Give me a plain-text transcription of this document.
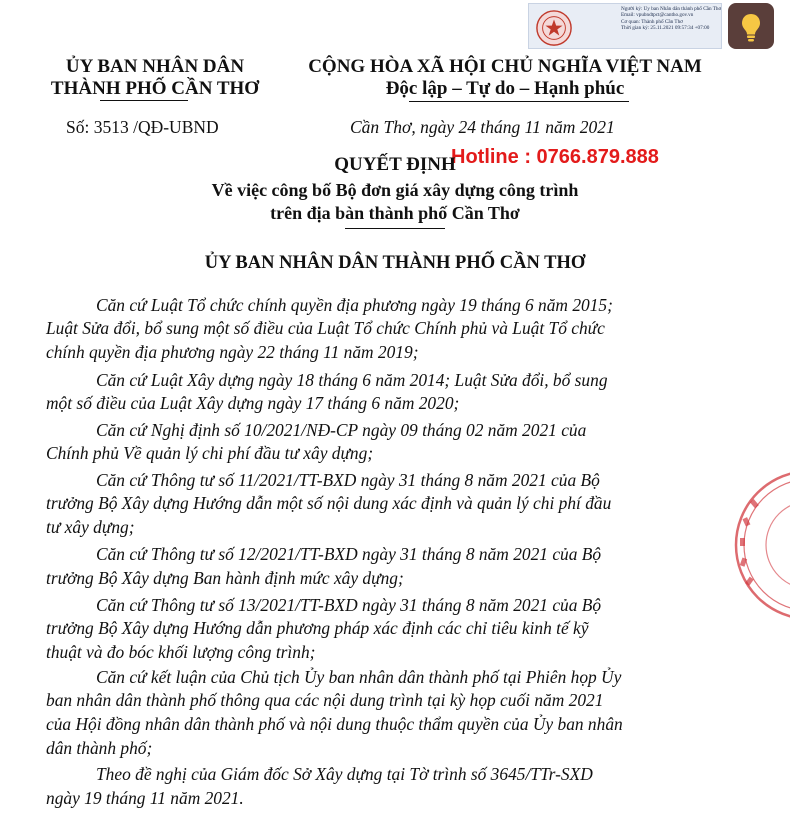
Người ký: Ủy ban Nhân dân thành phố Cần Thơ
Email: vpubndtpct@cantho.gov.vn
Cơ quan: Thành phố Cần Thơ
Thời gian ký: 25.11.2021 09:57:34 +07:00
ỦY BAN NHÂN DÂN
THÀNH PHỐ CẦN THƠ
CỘNG HÒA XÃ HỘI CHỦ NGHĨA VIỆT NAM
Độc lập – Tự do – Hạnh phúc
Số: 3513 /QĐ-UBND	Cần Thơ, ngày 24 tháng 11 năm 2021
Hotline : 0766.879.888
QUYẾT ĐỊNH
Về việc công bố Bộ đơn giá xây dựng công trình
trên địa bàn thành phố Cần Thơ
ỦY BAN NHÂN DÂN THÀNH PHỐ CẦN THƠ
Căn cứ Luật Tổ chức chính quyền địa phương ngày 19 tháng 6 năm 2015;
Luật Sửa đổi, bổ sung một số điều của Luật Tổ chức Chính phủ và Luật Tổ chức
chính quyền địa phương ngày 22 tháng 11 năm 2019;
Căn cứ Luật Xây dựng ngày 18 tháng 6 năm 2014; Luật Sửa đổi, bổ sung
một số điều của Luật Xây dựng ngày 17 tháng 6 năm 2020;
Căn cứ Nghị định số 10/2021/NĐ-CP ngày 09 tháng 02 năm 2021 của
Chính phủ Về quản lý chi phí đầu tư xây dựng;
Căn cứ Thông tư số 11/2021/TT-BXD ngày 31 tháng 8 năm 2021 của Bộ
trưởng Bộ Xây dựng Hướng dẫn một số nội dung xác định và quản lý chi phí đầu
tư xây dựng;
Căn cứ Thông tư số 12/2021/TT-BXD ngày 31 tháng 8 năm 2021 của Bộ
trưởng Bộ Xây dựng Ban hành định mức xây dựng;
Căn cứ Thông tư số 13/2021/TT-BXD ngày 31 tháng 8 năm 2021 của Bộ
trưởng Bộ Xây dựng Hướng dẫn phương pháp xác định các chỉ tiêu kinh tế kỹ
thuật và đo bóc khối lượng công trình;
Căn cứ kết luận của Chủ tịch Ủy ban nhân dân thành phố tại Phiên họp Ủy
ban nhân dân thành phố thông qua các nội dung trình tại kỳ họp cuối năm 2021
của Hội đồng nhân dân thành phố và nội dung thuộc thẩm quyền của Ủy ban nhân
dân thành phố;
Theo đề nghị của Giám đốc Sở Xây dựng tại Tờ trình số 3645/TTr-SXD
ngày 19 tháng 11 năm 2021.
